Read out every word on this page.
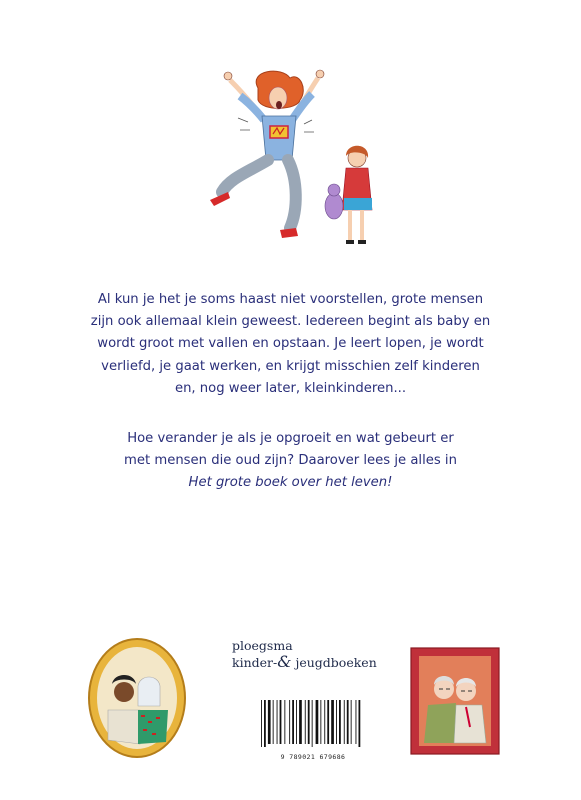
Al kun je het je soms haast niet voorstellen, grote mensen

zijn ook allemaal klein geweest. Iedereen begint als baby en

wordt groot met vallen en opstaan. Je leert lopen, je wordt

verliefd, je gaat werken, en krijgt misschien zelf kinderen

en, nog weer later, kleinkinderen...

Hoe verander je als je opgroeit en wat gebeurt er

met mensen die oud zijn? Daarover lees je alles in

Het grote boek over het leven!

ploegsma
kinder-& jeugdboeken
9 789021 679686
